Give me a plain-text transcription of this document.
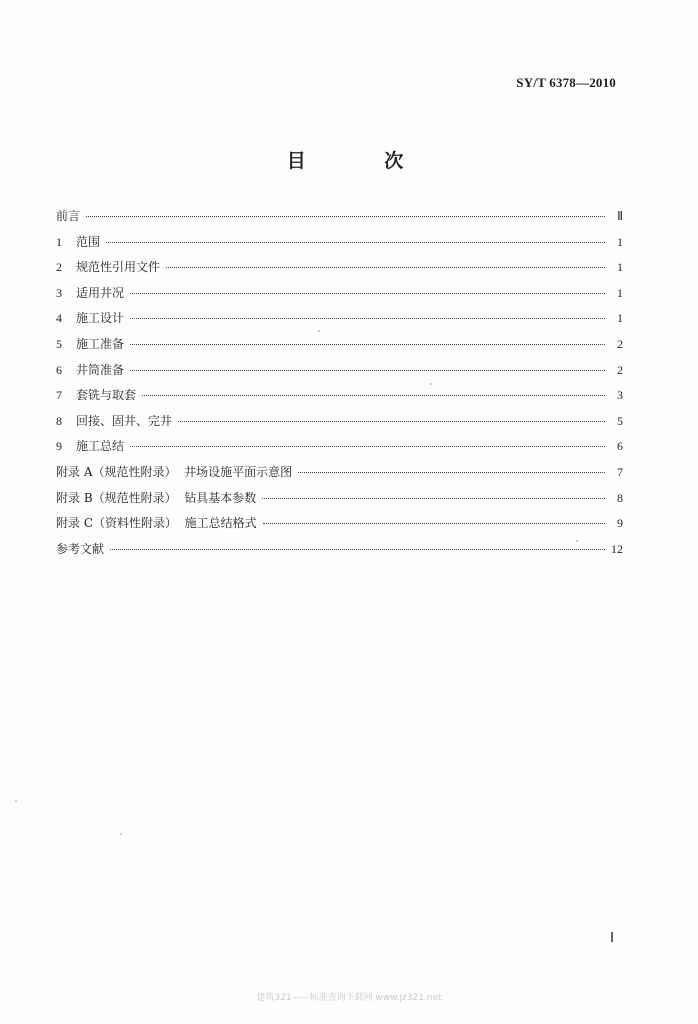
SY/T 6378—2010
目 次
前言	Ⅱ
1	范围	1
2	规范性引用文件	1
3	适用井况	1
4	施工设计	1
5	施工准备	2
6	井筒准备	2
7	套铣与取套	3
8	回接、固井、完井	5
9	施工总结	6
附录 A（规范性附录）  井场设施平面示意图	7
附录 B（规范性附录）  钻具基本参数	8
附录 C（资料性附录）  施工总结格式	9
参考文献	12
Ⅰ
建筑321——标准查询下载网 www.jz321.net
